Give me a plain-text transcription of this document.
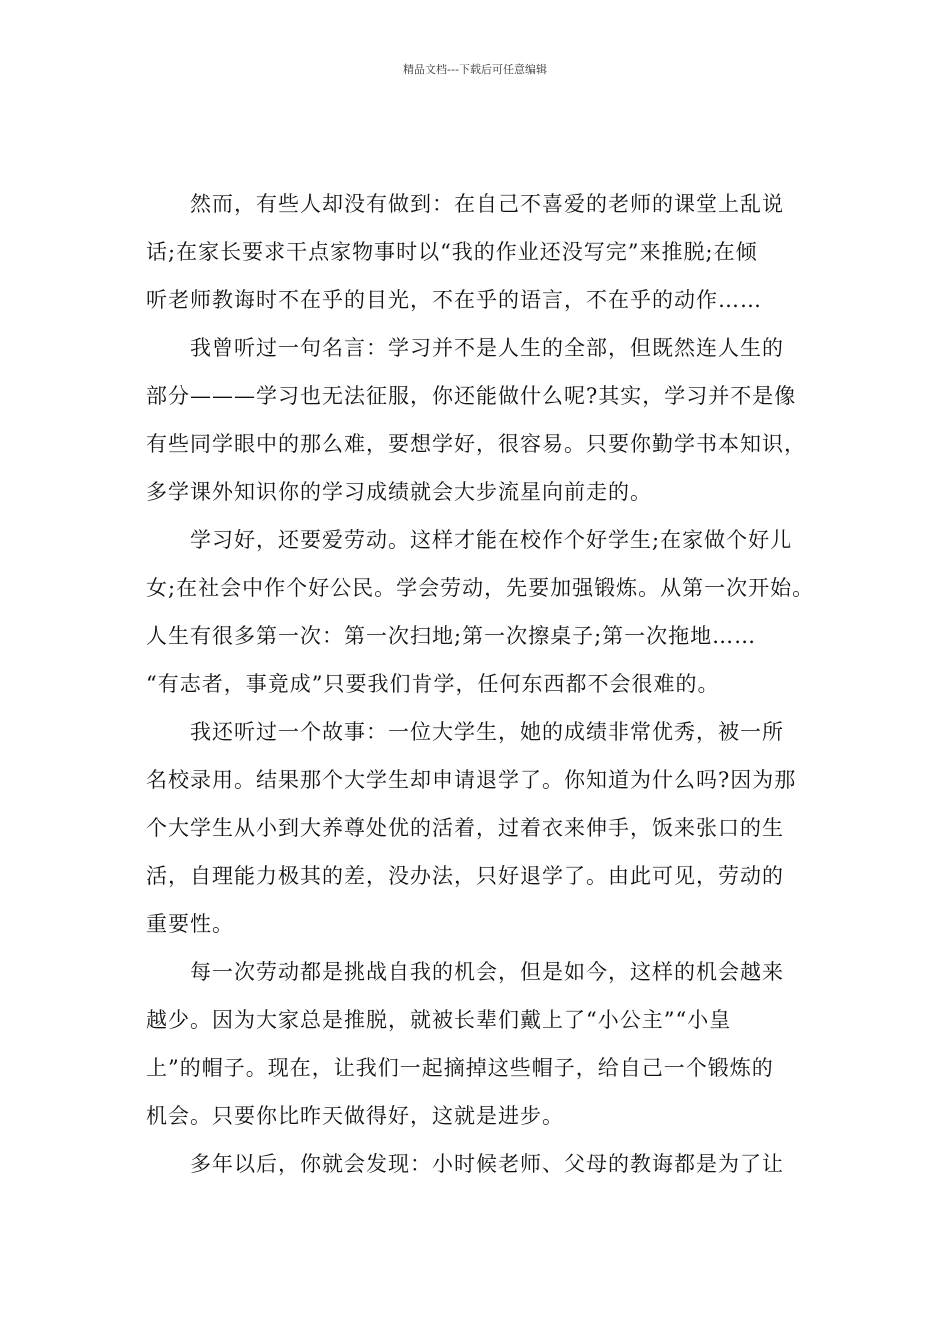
精品文档---下载后可任意编辑
然而，有些人却没有做到：在自己不喜爱的老师的课堂上乱说
话;在家长要求干点家物事时以“我的作业还没写完”来推脱;在倾
听老师教诲时不在乎的目光，不在乎的语言，不在乎的动作……
我曾听过一句名言：学习并不是人生的全部，但既然连人生的
部分———学习也无法征服，你还能做什么呢?其实，学习并不是像
有些同学眼中的那么难，要想学好，很容易。只要你勤学书本知识，
多学课外知识你的学习成绩就会大步流星向前走的。
学习好，还要爱劳动。这样才能在校作个好学生;在家做个好儿
女;在社会中作个好公民。学会劳动，先要加强锻炼。从第一次开始。
人生有很多第一次：第一次扫地;第一次擦桌子;第一次拖地……
“有志者，事竟成”只要我们肯学，任何东西都不会很难的。
我还听过一个故事：一位大学生，她的成绩非常优秀，被一所
名校录用。结果那个大学生却申请退学了。你知道为什么吗?因为那
个大学生从小到大养尊处优的活着，过着衣来伸手，饭来张口的生
活，自理能力极其的差，没办法，只好退学了。由此可见，劳动的
重要性。
每一次劳动都是挑战自我的机会，但是如今，这样的机会越来
越少。因为大家总是推脱，就被长辈们戴上了“小公主”“小皇
上”的帽子。现在，让我们一起摘掉这些帽子，给自己一个锻炼的
机会。只要你比昨天做得好，这就是进步。
多年以后，你就会发现：小时候老师、父母的教诲都是为了让
